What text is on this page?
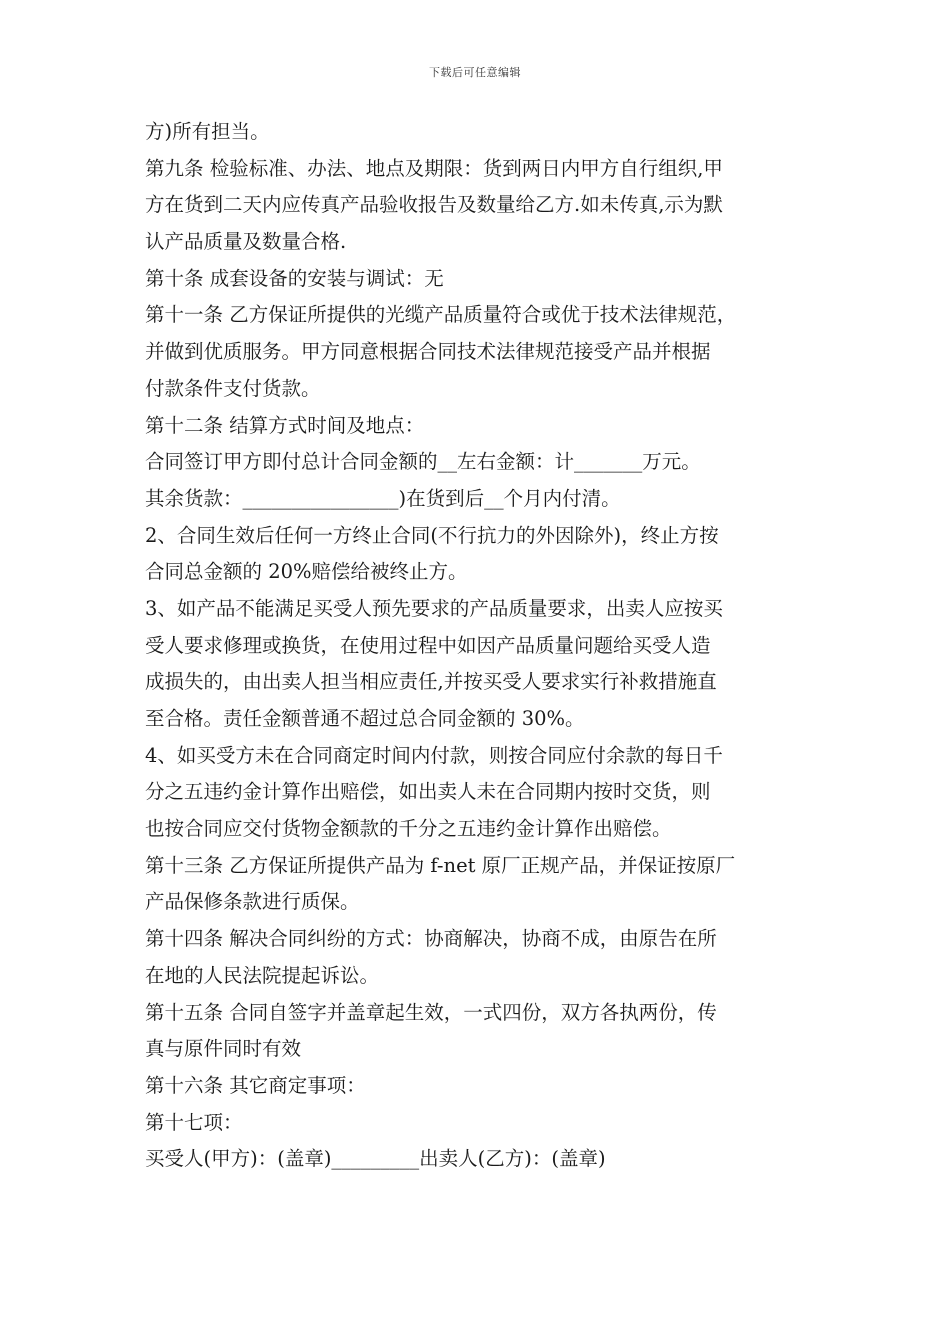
下载后可任意编辑
方)所有担当。
第九条 检验标准、办法、地点及期限：货到两日内甲方自行组织,甲
方在货到二天内应传真产品验收报告及数量给乙方.如未传真,示为默
认产品质量及数量合格.
第十条 成套设备的安装与调试：无
第十一条 乙方保证所提供的光缆产品质量符合或优于技术法律规范，
并做到优质服务。甲方同意根据合同技术法律规范接受产品并根据
付款条件支付货款。
第十二条 结算方式时间及地点：
合同签订甲方即付总计合同金额的__左右金额：计_______万元。
其余货款：________________)在货到后__个月内付清。
2、合同生效后任何一方终止合同(不行抗力的外因除外)，终止方按
合同总金额的 20%赔偿给被终止方。
3、如产品不能满足买受人预先要求的产品质量要求，出卖人应按买
受人要求修理或换货，在使用过程中如因产品质量问题给买受人造
成损失的，由出卖人担当相应责任,并按买受人要求实行补救措施直
至合格。责任金额普通不超过总合同金额的 30%。
4、如买受方未在合同商定时间内付款，则按合同应付余款的每日千
分之五违约金计算作出赔偿，如出卖人未在合同期内按时交货，则
也按合同应交付货物金额款的千分之五违约金计算作出赔偿。
第十三条 乙方保证所提供产品为 f-net 原厂正规产品，并保证按原厂
产品保修条款进行质保。
第十四条 解决合同纠纷的方式：协商解决，协商不成，由原告在所
在地的人民法院提起诉讼。
第十五条 合同自签字并盖章起生效，一式四份，双方各执两份，传
真与原件同时有效
第十六条 其它商定事项：
第十七项：
买受人(甲方)：(盖章)_________出卖人(乙方)：(盖章)
